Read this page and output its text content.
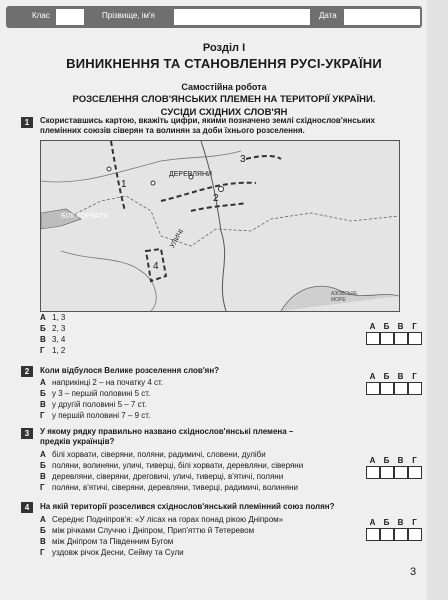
Клас	Прізвище, ім'я	Дата
Розділ І
ВИНИКНЕННЯ ТА СТАНОВЛЕННЯ РУСІ-УКРАЇНИ
Самостійна робота
РОЗСЕЛЕННЯ СЛОВ'ЯНСЬКИХ ПЛЕМЕН НА ТЕРИТОРІЇ УКРАЇНИ.
СУСІДИ СХІДНИХ СЛОВ'ЯН
1	Скориставшись картою, вкажіть цифри, якими позначено землі східнослов'янських
племінних союзів сіверян та волинян за доби їхнього розселення.
1
2
3
4
ДЕРЕВЛЯНИ
БІЛІ ХОРВАТИ
УЛИЧІ
АЗОВСЬКЕ МОРЕ
А 1, 3
Б 2, 3
В 3, 4
Г 1, 2
А	Б	В	Г
2	Коли відбулося Велике розселення слов'ян?
А наприкінці 2 – на початку 4 ст.
Б у 3 – першій половині 5 ст.
В у другій половині 5 – 7 ст.
Г у першій половині 7 – 9 ст.
А	Б	В	Г
3	У якому рядку правильно названо східнослов'янські племена –
предків українців?
А білі хорвати, сіверяни, поляни, радимичі, словени, дуліби
Б поляни, волиняни, уличі, тиверці, білі хорвати, деревляни, сіверяни
В деревляни, сіверяни, дреговичі, уличі, тиверці, в'ятичі, поляни
Г поляни, в'ятичі, сіверяни, деревляни, тиверці, радимичі, волиняни
А	Б	В	Г
4	На якій території розселився східнослов'янський племінний союз полян?
А Середнє Подніпров'я: «У лісах на горах понад рікою Дніпром»
Б між річками Случчю і Дніпром, Прип'яттю й Тетеревом
В між Дніпром та Південним Бугом
Г уздовж річок Десни, Сейму та Сули
А	Б	В	Г
3
